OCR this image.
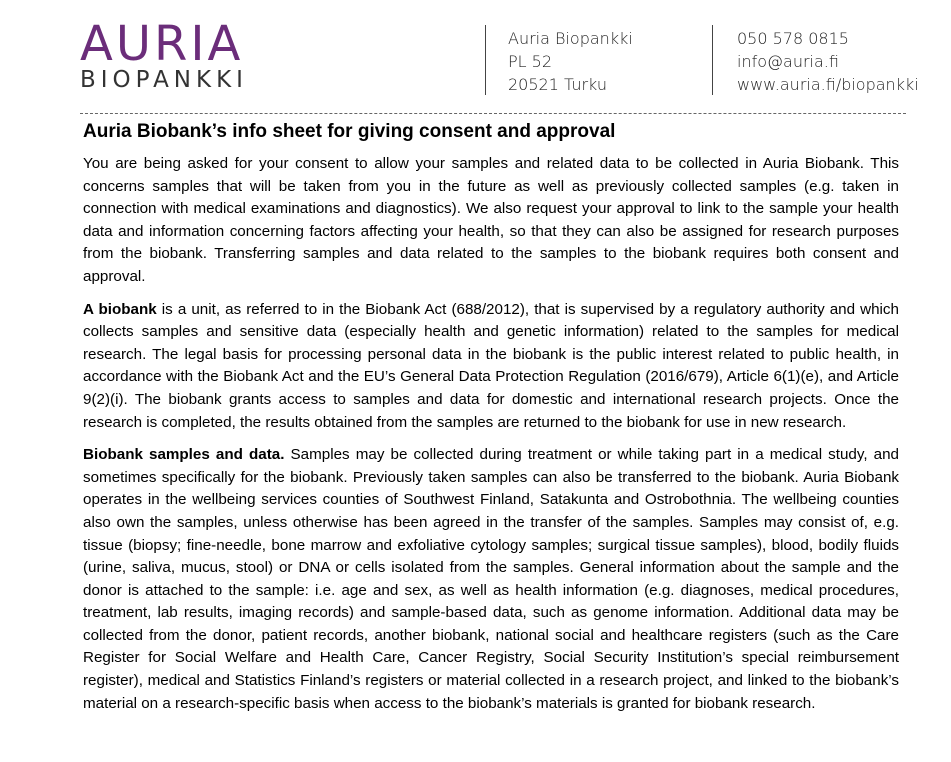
AURIA
BIOPANKKI
Auria Biopankki
PL 52
20521 Turku
050 578 0815
info@auria.fi
www.auria.fi/biopankki
Auria Biobank’s info sheet for giving consent and approval

You are being asked for your consent to allow your samples and related data to be collected in Auria Biobank. This concerns samples that will be taken from you in the future as well as previously collected samples (e.g. taken in connection with medical examinations and diagnostics). We also request your approval to link to the sample your health data and information concerning factors affecting your health, so that they can also be assigned for research purposes from the biobank. Transferring samples and data related to the samples to the biobank requires both consent and approval.

A biobank is a unit, as referred to in the Biobank Act (688/2012), that is supervised by a regulatory authority and which collects samples and sensitive data (especially health and genetic information) related to the samples for medical research. The legal basis for processing personal data in the biobank is the public interest related to public health, in accordance with the Biobank Act and the EU’s General Data Protection Regulation (2016/679), Article 6(1)(e), and Article 9(2)(i). The biobank grants access to samples and data for domestic and international research projects. Once the research is completed, the results obtained from the samples are returned to the biobank for use in new research.

Biobank samples and data. Samples may be collected during treatment or while taking part in a medical study, and sometimes specifically for the biobank. Previously taken samples can also be transferred to the biobank. Auria Biobank operates in the wellbeing services counties of Southwest Finland, Satakunta and Ostrobothnia. The wellbeing counties also own the samples, unless otherwise has been agreed in the transfer of the samples. Samples may consist of, e.g. tissue (biopsy; fine-needle, bone marrow and exfoliative cytology samples; surgical tissue samples), blood, bodily fluids (urine, saliva, mucus, stool) or DNA or cells isolated from the samples. General information about the sample and the donor is attached to the sample: i.e. age and sex, as well as health information (e.g. diagnoses, medical procedures, treatment, lab results, imaging records) and sample-based data, such as genome information. Additional data may be collected from the donor, patient records, another biobank, national social and healthcare registers (such as the Care Register for Social Welfare and Health Care, Cancer Registry, Social Security Institution’s special reimbursement register), medical and Statistics Finland’s registers or material collected in a research project, and linked to the biobank’s material on a research-specific basis when access to the biobank’s materials is granted for biobank research.
